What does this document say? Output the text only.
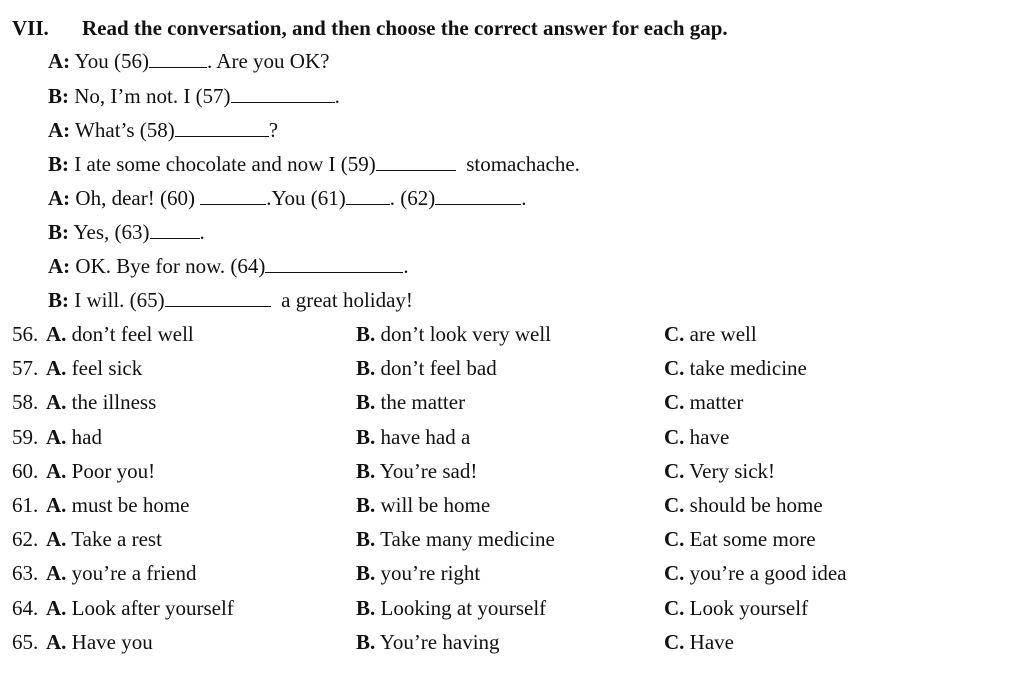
VII. Read the conversation, and then choose the correct answer for each gap.
A: You (56)	. Are you OK?
B: No, I’m not. I (57)	.
A: What’s (58)	?
B: I ate some chocolate and now I (59)	stomachache.
A: Oh, dear! (60)	.You (61) . (62)	.
B: Yes, (63) .
A: OK. Bye for now. (64)	.
B: I will. (65)	a great holiday!
56. A. don’t feel well	B. don’t look very well	C. are well
57. A. feel sick	B. don’t feel bad	C. take medicine
58. A. the illness	B. the matter	C. matter
59. A. had	B. have had a	C. have
60. A. Poor you!	B. You’re sad!	C. Very sick!
61. A. must be home	B. will be home	C. should be home
62. A. Take a rest	B. Take many medicine	C. Eat some more
63. A. you’re a friend	B. you’re right	C. you’re a good idea
64. A. Look after yourself	B. Looking at yourself	C. Look yourself
65. A. Have you	B. You’re having	C. Have
